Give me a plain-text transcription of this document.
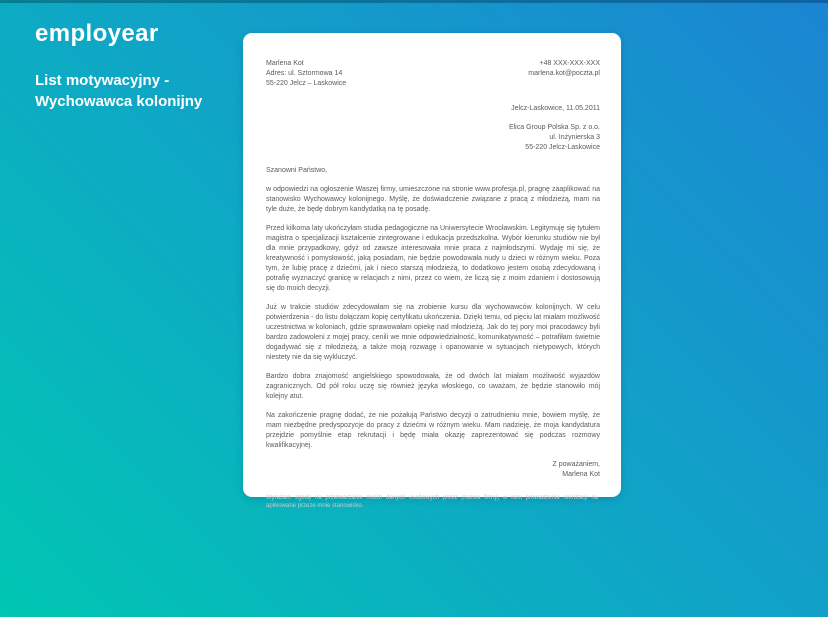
employear
List motywacyjny -
Wychowawca kolonijny
Marlena Kot
Adres: ul. Sztormowa 14
55-220 Jelcz – Laskowice
+48 XXX-XXX-XXX
marlena.kot@poczta.pl
Jelcz-Laskowice, 11.05.2011
Elica Group Polska Sp. z o.o.
ul. Inżynierska 3
55-220 Jelcz-Laskowice
Szanowni Państwo,

w odpowiedzi na ogłoszenie Waszej firmy, umieszczone na stronie www.profesja.pl, pragnę zaaplikować na stanowisko Wychowawcy kolonijnego. Myślę, że doświadczenie związane z pracą z młodzieżą, mam na tyle duże, że będę dobrym kandydatką na tę posadę.

Przed kilkoma laty ukończyłam studia pedagogiczne na Uniwersytecie Wrocławskim. Legitymuję się tytułem magistra o specjalizacji kształcenie zintegrowane i edukacja przedszkolna. Wybór kierunku studiów nie był dla mnie przypadkowy, gdyż od zawsze interesowała mnie praca z najmłodszymi. Wydaję mi się, że kreatywność i pomysłowość, jaką posiadam, nie będzie powodowała nudy u dzieci w różnym wieku. Poza tym, że lubię pracę z dziećmi, jak i nieco starszą młodzieżą, to dodatkowo jestem osobą zdecydowaną i potrafię wyznaczyć granicę w relacjach z nimi, przez co wiem, że liczą się z moim zdaniem i dostosowują się do moich decyzji.

Już w trakcie studiów zdecydowałam się na zrobienie kursu dla wychowawców kolonijnych. W celu potwierdzenia - do listu dołączam kopię certyfikatu ukończenia. Dzięki temu, od pięciu lat miałam możliwość uczestnictwa w koloniach, gdzie sprawowałam opiekę nad młodzieżą. Jak do tej pory moi pracodawcy byli bardzo zadowoleni z mojej pracy, cenili we mnie odpowiedzialność, komunikatywność – potrafiłam świetnie dogadywać się z młodzieżą, a także moją rozwagę i opanowanie w sytuacjach nietypowych, których niestety nie da się wykluczyć.

Bardzo dobra znajomość angielskiego spowodowała, że od dwóch lat miałam możliwość wyjazdów zagranicznych. Od pół roku uczę się również języka włoskiego, co uważam, że będzie stanowiło mój kolejny atut.

Na zakończenie pragnę dodać, że nie pożałują Państwo decyzji o zatrudnieniu mnie, bowiem myślę, że mam niezbędne predyspozycje do pracy z dziećmi w różnym wieku. Mam nadzieję, że moja kandydatura przejdzie pomyślnie etap rekrutacji i będę miała okazję zaprezentować się podczas rozmowy kwalifikacyjnej.

Z poważaniem,
Marlena Kot
Wyrażam zgodę na przetwarzanie moich danych osobowych przez (nazwa firmy) w celu prowadzenia rekrutacji na aplikowane przeze mnie stanowisko.
